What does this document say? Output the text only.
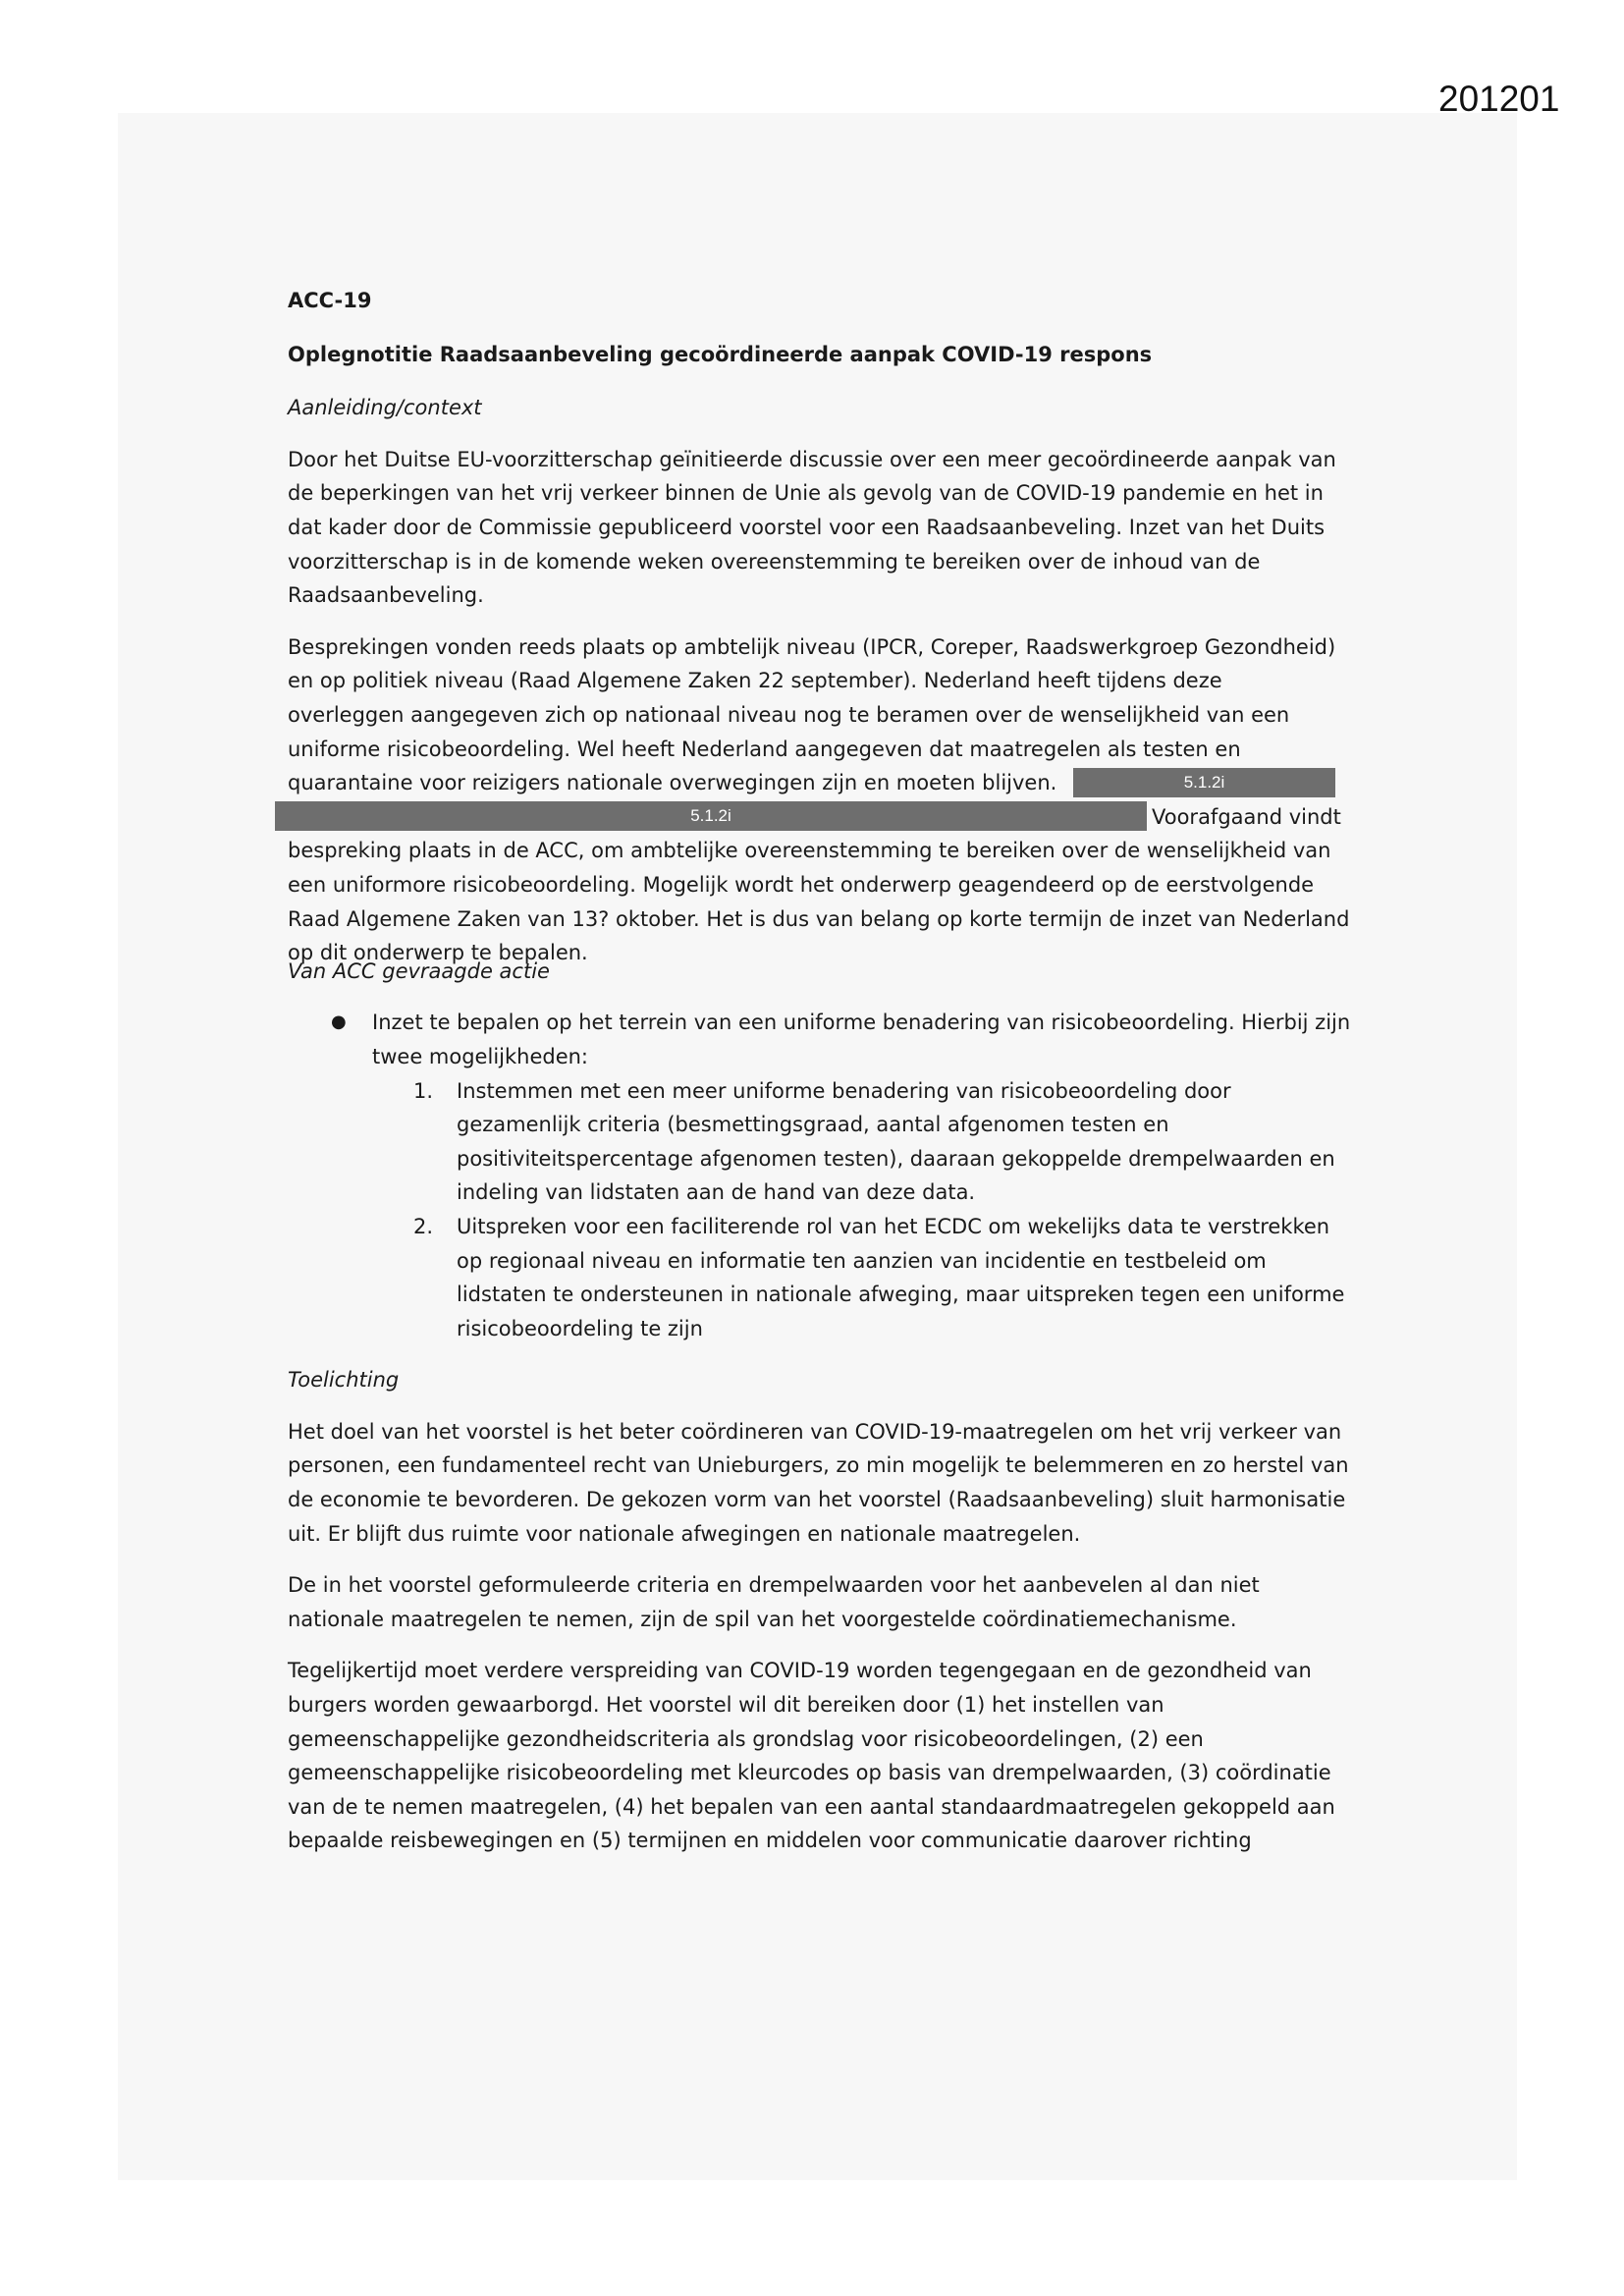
201201

ACC-19

Oplegnotitie Raadsaanbeveling gecoördineerde aanpak COVID-19 respons

Aanleiding/context

Door het Duitse EU-voorzitterschap geïnitieerde discussie over een meer gecoördineerde aanpak van de beperkingen van het vrij verkeer binnen de Unie als gevolg van de COVID-19 pandemie en het in dat kader door de Commissie gepubliceerd voorstel voor een Raadsaanbeveling. Inzet van het Duits voorzitterschap is in de komende weken overeenstemming te bereiken over de inhoud van de Raadsaanbeveling.

Besprekingen vonden reeds plaats op ambtelijk niveau (IPCR, Coreper, Raadswerkgroep Gezondheid)
en op politiek niveau (Raad Algemene Zaken 22 september). Nederland heeft tijdens deze
overleggen aangegeven zich op nationaal niveau nog te beramen over de wenselijkheid van een
uniforme risicobeoordeling. Wel heeft Nederland aangegeven dat maatregelen als testen en
quarantaine voor reizigers nationale overwegingen zijn en moeten blijven.	5.1.2i
5.1.2i	Voorafgaand vindt
bespreking plaats in de ACC, om ambtelijke overeenstemming te bereiken over de wenselijkheid van een uniformore risicobeoordeling. Mogelijk wordt het onderwerp geagendeerd op de eerstvolgende Raad Algemene Zaken van 13? oktober. Het is dus van belang op korte termijn de inzet van Nederland op dit onderwerp te bepalen.

Van ACC gevraagde actie

● Inzet te bepalen op het terrein van een uniforme benadering van risicobeoordeling. Hierbij zijn twee mogelijkheden:
1. Instemmen met een meer uniforme benadering van risicobeoordeling door gezamenlijk criteria (besmettingsgraad, aantal afgenomen testen en positiviteitspercentage afgenomen testen), daaraan gekoppelde drempelwaarden en indeling van lidstaten aan de hand van deze data.
2. Uitspreken voor een faciliterende rol van het ECDC om wekelijks data te verstrekken op regionaal niveau en informatie ten aanzien van incidentie en testbeleid om lidstaten te ondersteunen in nationale afweging, maar uitspreken tegen een uniforme risicobeoordeling te zijn

Toelichting

Het doel van het voorstel is het beter coördineren van COVID-19-maatregelen om het vrij verkeer van personen, een fundamenteel recht van Unieburgers, zo min mogelijk te belemmeren en zo herstel van de economie te bevorderen. De gekozen vorm van het voorstel (Raadsaanbeveling) sluit harmonisatie uit. Er blijft dus ruimte voor nationale afwegingen en nationale maatregelen.

De in het voorstel geformuleerde criteria en drempelwaarden voor het aanbevelen al dan niet nationale maatregelen te nemen, zijn de spil van het voorgestelde coördinatiemechanisme.

Tegelijkertijd moet verdere verspreiding van COVID-19 worden tegengegaan en de gezondheid van burgers worden gewaarborgd. Het voorstel wil dit bereiken door (1) het instellen van gemeenschappelijke gezondheidscriteria als grondslag voor risicobeoordelingen, (2) een gemeenschappelijke risicobeoordeling met kleurcodes op basis van drempelwaarden, (3) coördinatie van de te nemen maatregelen, (4) het bepalen van een aantal standaardmaatregelen gekoppeld aan bepaalde reisbewegingen en (5) termijnen en middelen voor communicatie daarover richting
